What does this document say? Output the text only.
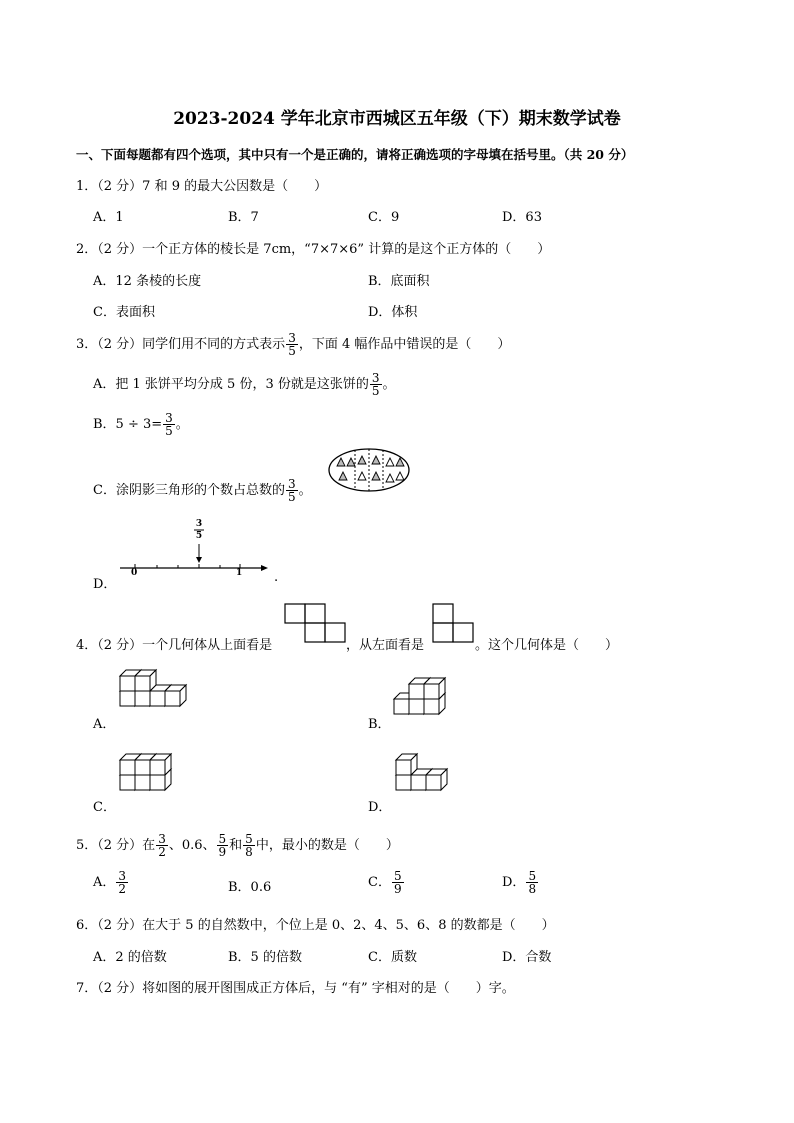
2023-2024 学年北京市西城区五年级（下）期末数学试卷
一、下面每题都有四个选项，其中只有一个是正确的，请将正确选项的字母填在括号里。（共 20 分）
1．（2 分）7 和 9 的最大公因数是（　　）
A．1	B．7	C．9	D．63
2．（2 分）一个正方体的棱长是 7cm，“7×7×6” 计算的是这个正方体的（　　）
A．12 条棱的长度	B．底面积
C．表面积	D．体积
3．（2 分）同学们用不同的方式表示 $\frac{3}{5}$ ，下面 4 幅作品中错误的是（　　）
A．把 1 张饼平均分成 5 份，3 份就是这张饼的 $\frac{3}{5}$ 。
B．$5 \div 3= \frac{3}{5}$ 。
C．涂阴影三角形的个数占总数的 $\frac{3}{5}$ 。
D．
3
5
0	1 .
4．（2 分）一个几何体从上面看是	，从左面看是	。这个几何体是（　　）
A．	B．
C．	D．
5．（2 分）在 $\frac{3}{2}$ 、0.6、 $\frac{5}{9}$ 和 $\frac{5}{8}$ 中，最小的数是（　　）
A． $\frac{3}{2}$	B．0.6	C． $\frac{5}{9}$	D． $\frac{5}{8}$
6．（2 分）在大于 5 的自然数中，个位上是 0、2、4、5、6、8 的数都是（　　）
A．2 的倍数	B．5 的倍数	C．质数	D．合数
7．（2 分）将如图的展开图围成正方体后，与 “有” 字相对的是（　　）字。
